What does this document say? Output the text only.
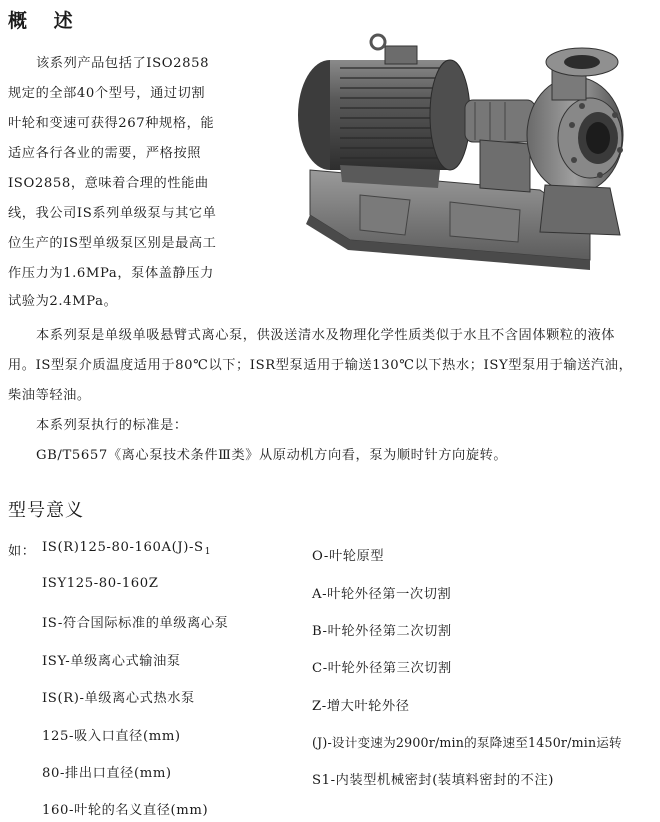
概 述
该系列产品包括了ISO2858
规定的全部40个型号，通过切割
叶轮和变速可获得267种规格，能
适应各行各业的需要，严格按照
ISO2858，意味着合理的性能曲
线，我公司IS系列单级泵与其它单
位生产的IS型单级泵区别是最高工
作压力为1.6MPa，泵体盖静压力
试验为2.4MPa。
本系列泵是单级单吸悬臂式离心泵，供汲送清水及物理化学性质类似于水且不含固体颗粒的液体
用。IS型泵介质温度适用于80℃以下；ISR型泵适用于输送130℃以下热水；ISY型泵用于输送汽油，
柴油等轻油。
本系列泵执行的标准是：
GB/T5657《离心泵技术条件Ⅲ类》从原动机方向看，泵为顺时针方向旋转。
型号意义
如： $IS(R)125-80-160A(J)-S_1$
ISY125-80-160Z
IS-符合国际标准的单级离心泵
ISY-单级离心式输油泵
IS(R)-单级离心式热水泵
125-吸入口直径(mm)
80-排出口直径(mm)
160-叶轮的名义直径(mm)
O-叶轮原型
A-叶轮外径第一次切割
B-叶轮外径第二次切割
C-叶轮外径第三次切割
Z-增大叶轮外径
(J)-设计变速为2900r/min的泵降速至1450r/min运转
S1-内装型机械密封(装填料密封的不注)
